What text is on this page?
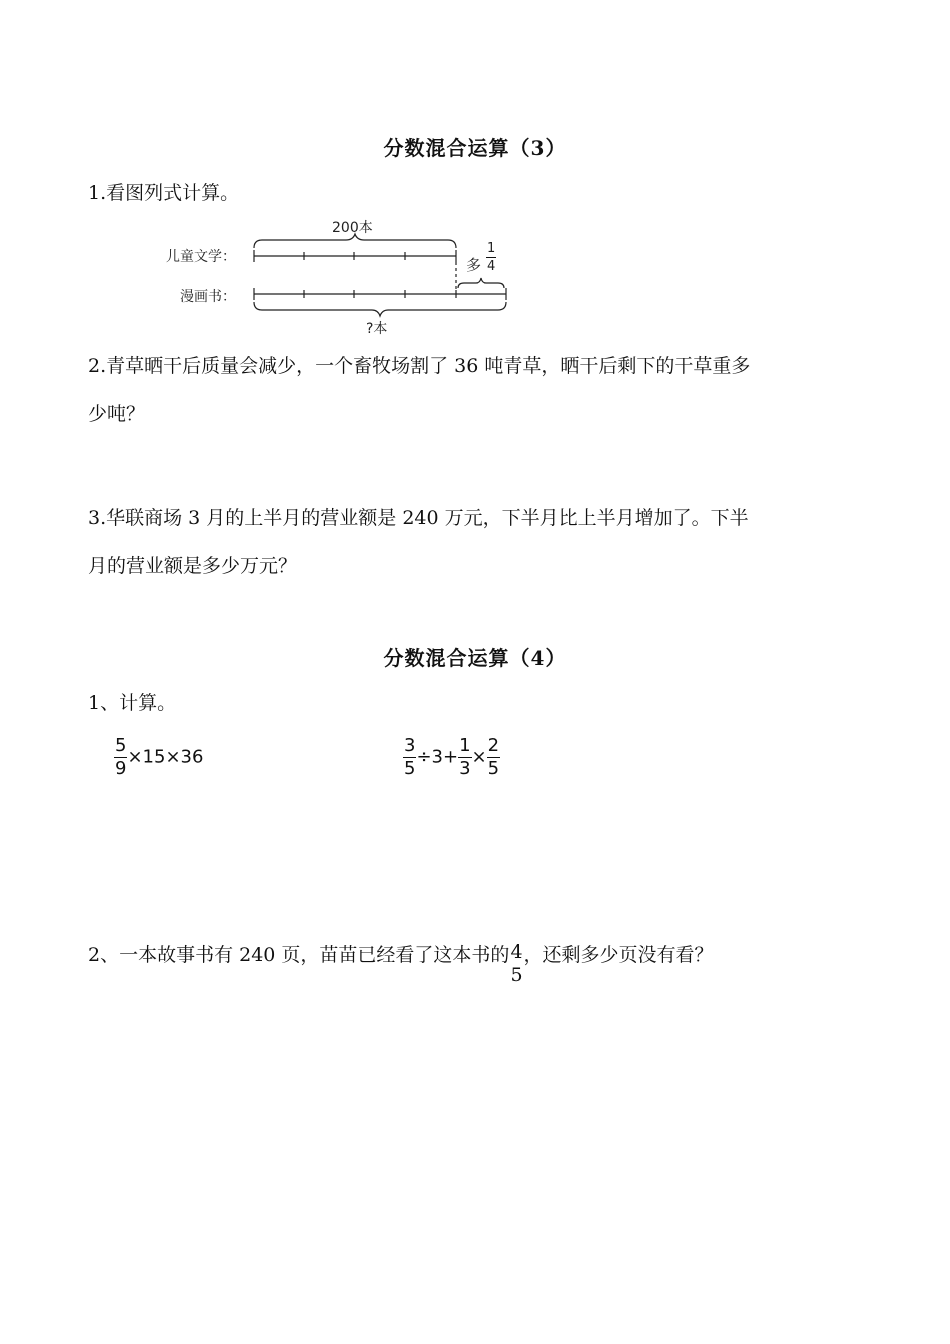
分数混合运算（3）
1.看图列式计算。
儿童文学：
漫画书：
200本
多 $\frac{1}{4}$
?本
2.青草晒干后质量会减少，一个畜牧场割了 36 吨青草，晒干后剩下的干草重多
少吨？
3.华联商场 3 月的上半月的营业额是 240 万元，下半月比上半月增加了。下半
月的营业额是多少万元？
分数混合运算（4）
1、计算。
$\frac{5}{9} \times 15\times 36$	$\frac{3}{5} \div 3+ \frac{1}{3} \times \frac{2}{5}$
2、一本故事书有 240 页，苗苗已经看了这本书的 4
5
，还剩多少页没有看？
